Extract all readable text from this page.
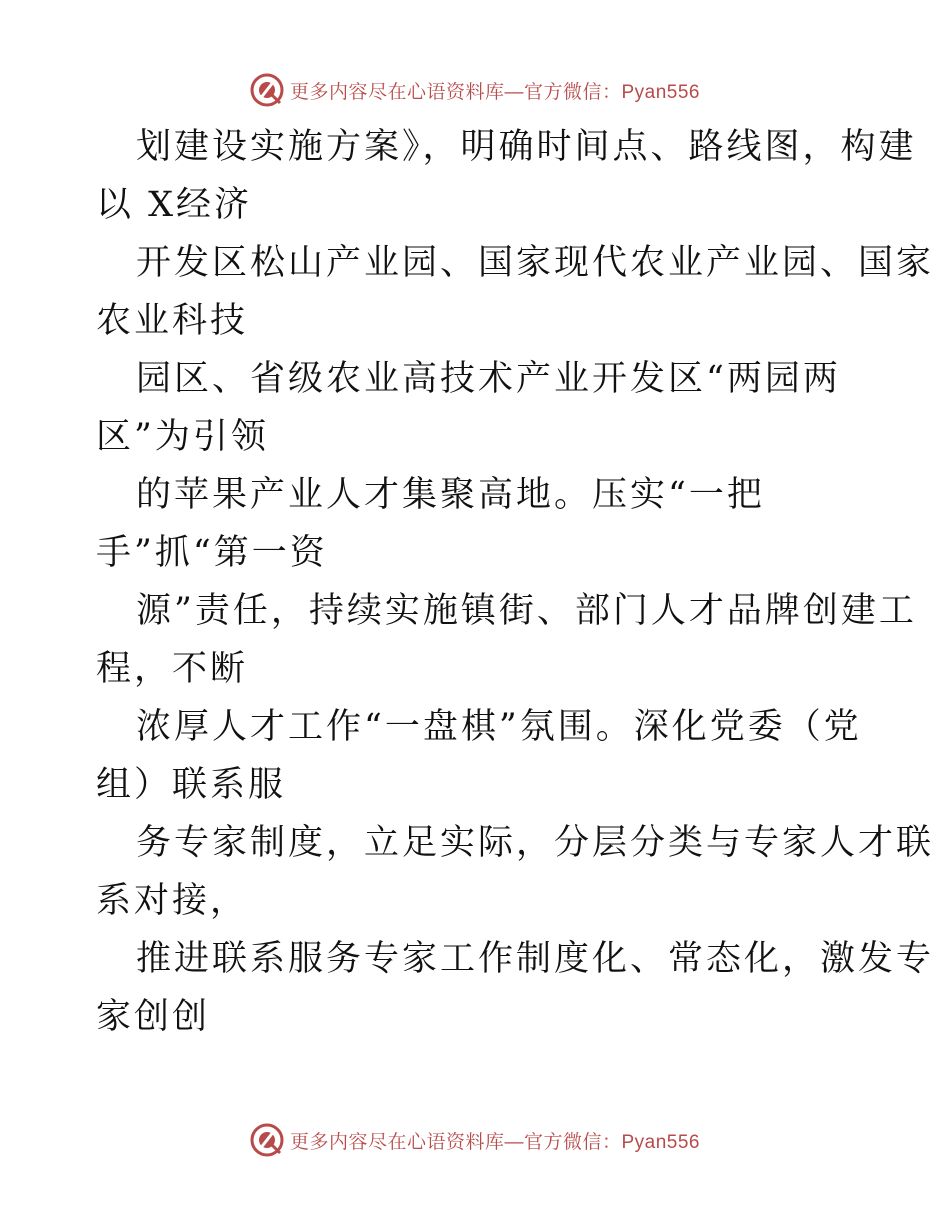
更多内容尽在心语资料库—官方微信：Pyan556
划建设实施方案》，明确时间点、路线图，构建
以 X经济
开发区松山产业园、国家现代农业产业园、国家
农业科技
园区、省级农业高技术产业开发区“两园两
区”为引领
的苹果产业人才集聚高地。压实“一把
手”抓“第一资
源”责任，持续实施镇街、部门人才品牌创建工
程，不断
浓厚人才工作“一盘棋”氛围。深化党委（党
组）联系服
务专家制度，立足实际，分层分类与专家人才联
系对接，
推进联系服务专家工作制度化、常态化，激发专
家创创
更多内容尽在心语资料库—官方微信：Pyan556
